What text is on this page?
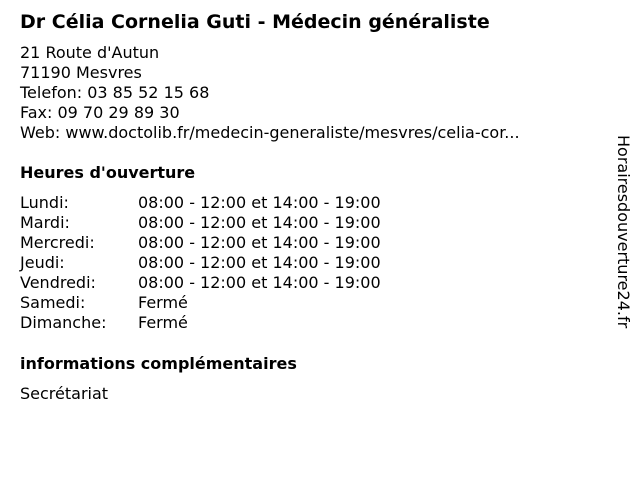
Dr Célia Cornelia Guti - Médecin généraliste
21 Route d'Autun
71190 Mesvres
Telefon: 03 85 52 15 68
Fax: 09 70 29 89 30
Web: www.doctolib.fr/medecin-generaliste/mesvres/celia-cor...
Heures d'ouverture
Lundi:	08:00 - 12:00 et 14:00 - 19:00
Mardi:	08:00 - 12:00 et 14:00 - 19:00
Mercredi:	08:00 - 12:00 et 14:00 - 19:00
Jeudi:	08:00 - 12:00 et 14:00 - 19:00
Vendredi:	08:00 - 12:00 et 14:00 - 19:00
Samedi:	Fermé
Dimanche:	Fermé
informations complémentaires
Secrétariat
Horairesdouverture24.fr
